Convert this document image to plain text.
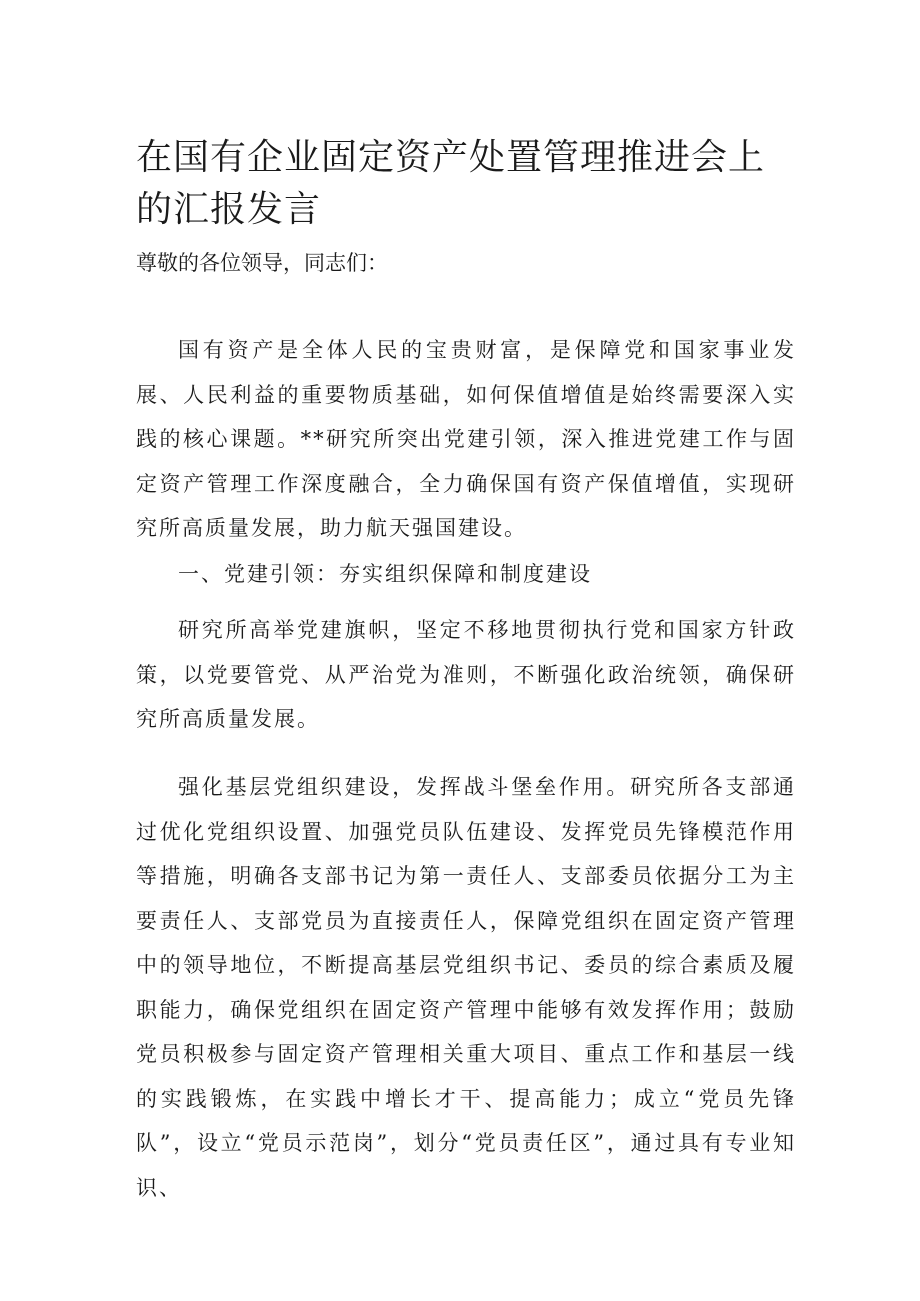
在国有企业固定资产处置管理推进会上的汇报发言

尊敬的各位领导，同志们：

国有资产是全体人民的宝贵财富，是保障党和国家事业发展、人民利益的重要物质基础，如何保值增值是始终需要深入实践的核心课题。**研究所突出党建引领，深入推进党建工作与固定资产管理工作深度融合，全力确保国有资产保值增值，实现研究所高质量发展，助力航天强国建设。

一、党建引领：夯实组织保障和制度建设

研究所高举党建旗帜，坚定不移地贯彻执行党和国家方针政策，以党要管党、从严治党为准则，不断强化政治统领，确保研究所高质量发展。

强化基层党组织建设，发挥战斗堡垒作用。研究所各支部通过优化党组织设置、加强党员队伍建设、发挥党员先锋模范作用等措施，明确各支部书记为第一责任人、支部委员依据分工为主要责任人、支部党员为直接责任人，保障党组织在固定资产管理中的领导地位，不断提高基层党组织书记、委员的综合素质及履职能力，确保党组织在固定资产管理中能够有效发挥作用；鼓励党员积极参与固定资产管理相关重大项目、重点工作和基层一线的实践锻炼，在实践中增长才干、提高能力；成立“党员先锋队”，设立“党员示范岗”，划分“党员责任区”，通过具有专业知识、
